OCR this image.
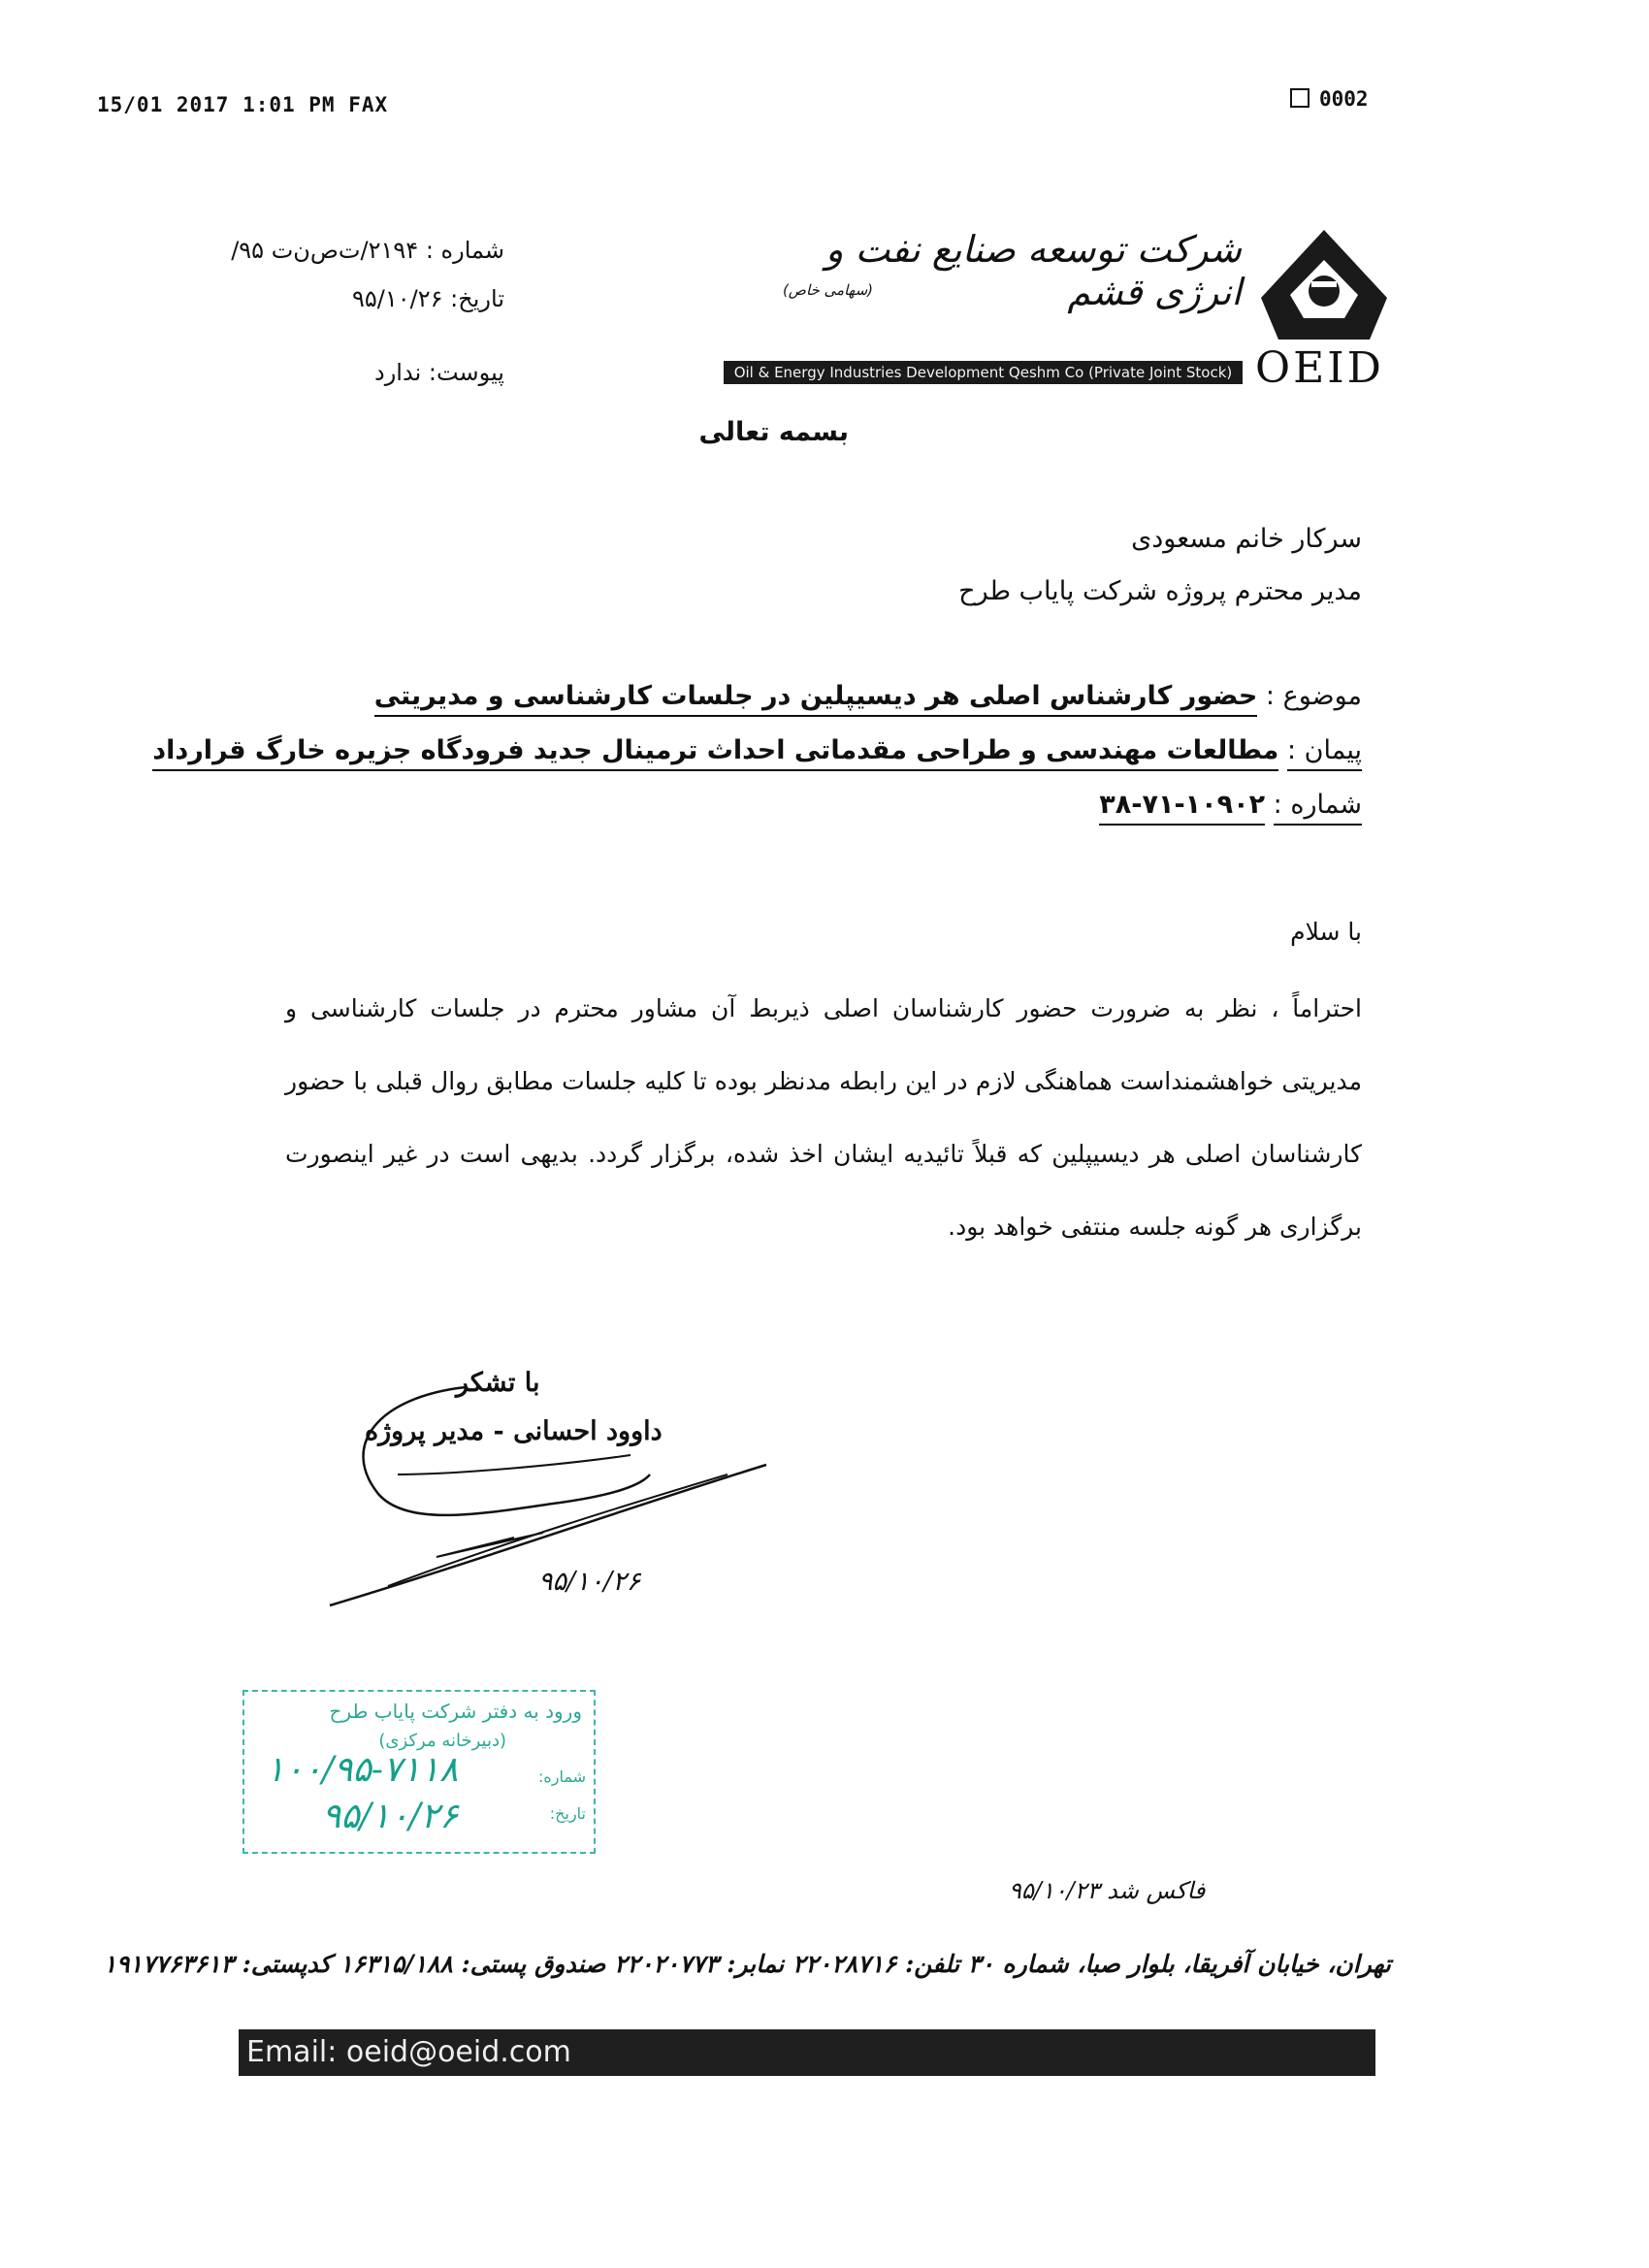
15/01 2017 1:01 PM FAX	0002
شماره : ۲۱۹۴/ت‌ص‌ن‌ت ۹۵/
تاریخ: ۹۵/۱۰/۲۶
پیوست: ندارد
شرکت توسعه صنایع نفت و انرژی قشم
(سهامی خاص)
Oil & Energy Industries Development Qeshm Co (Private Joint Stock) OEID
بسمه تعالی
سرکار خانم مسعودی
مدیر محترم پروژه شرکت پایاب طرح
موضوع : حضور کارشناس اصلی هر دیسیپلین در جلسات کارشناسی و مدیریتی
پیمان : مطالعات مهندسی و طراحی مقدماتی احداث ترمینال جدید فرودگاه جزیره خارگ قرارداد
شماره : ۱۰۹۰۲-۷۱-۳۸
با سلام
احتراماً ، نظر به ضرورت حضور کارشناسان اصلی ذیربط آن مشاور محترم در جلسات کارشناسی و مدیریتی خواهشمنداست هماهنگی لازم در این رابطه مدنظر بوده تا کلیه جلسات مطابق روال قبلی با حضور کارشناسان اصلی هر دیسیپلین که قبلاً تائیدیه ایشان اخذ شده، برگزار گردد. بدیهی است در غیر اینصورت برگزاری هر گونه جلسه منتفی خواهد بود.
با تشکر
داوود احسانی - مدیر پروژه
۹۵/۱۰/۲۶
ورود به دفتر شرکت پایاب طرح
(دبیرخانه مرکزی)
شماره:
تاریخ:
۱۰۰/۹۵-۷۱۱۸
۹۵/۱۰/۲۶
فاکس شد ۹۵/۱۰/۲۳
تهران، خیابان آفریقا، بلوار صبا، شماره ۳۰ تلفن: ۲۲۰۲۸۷۱۶ نمابر: ۲۲۰۲۰۷۷۳ صندوق پستی: ۱۶۳۱۵/۱۸۸ کدپستی: ۱۹۱۷۷۶۳۶۱۳
Email: oeid@oeid.com
